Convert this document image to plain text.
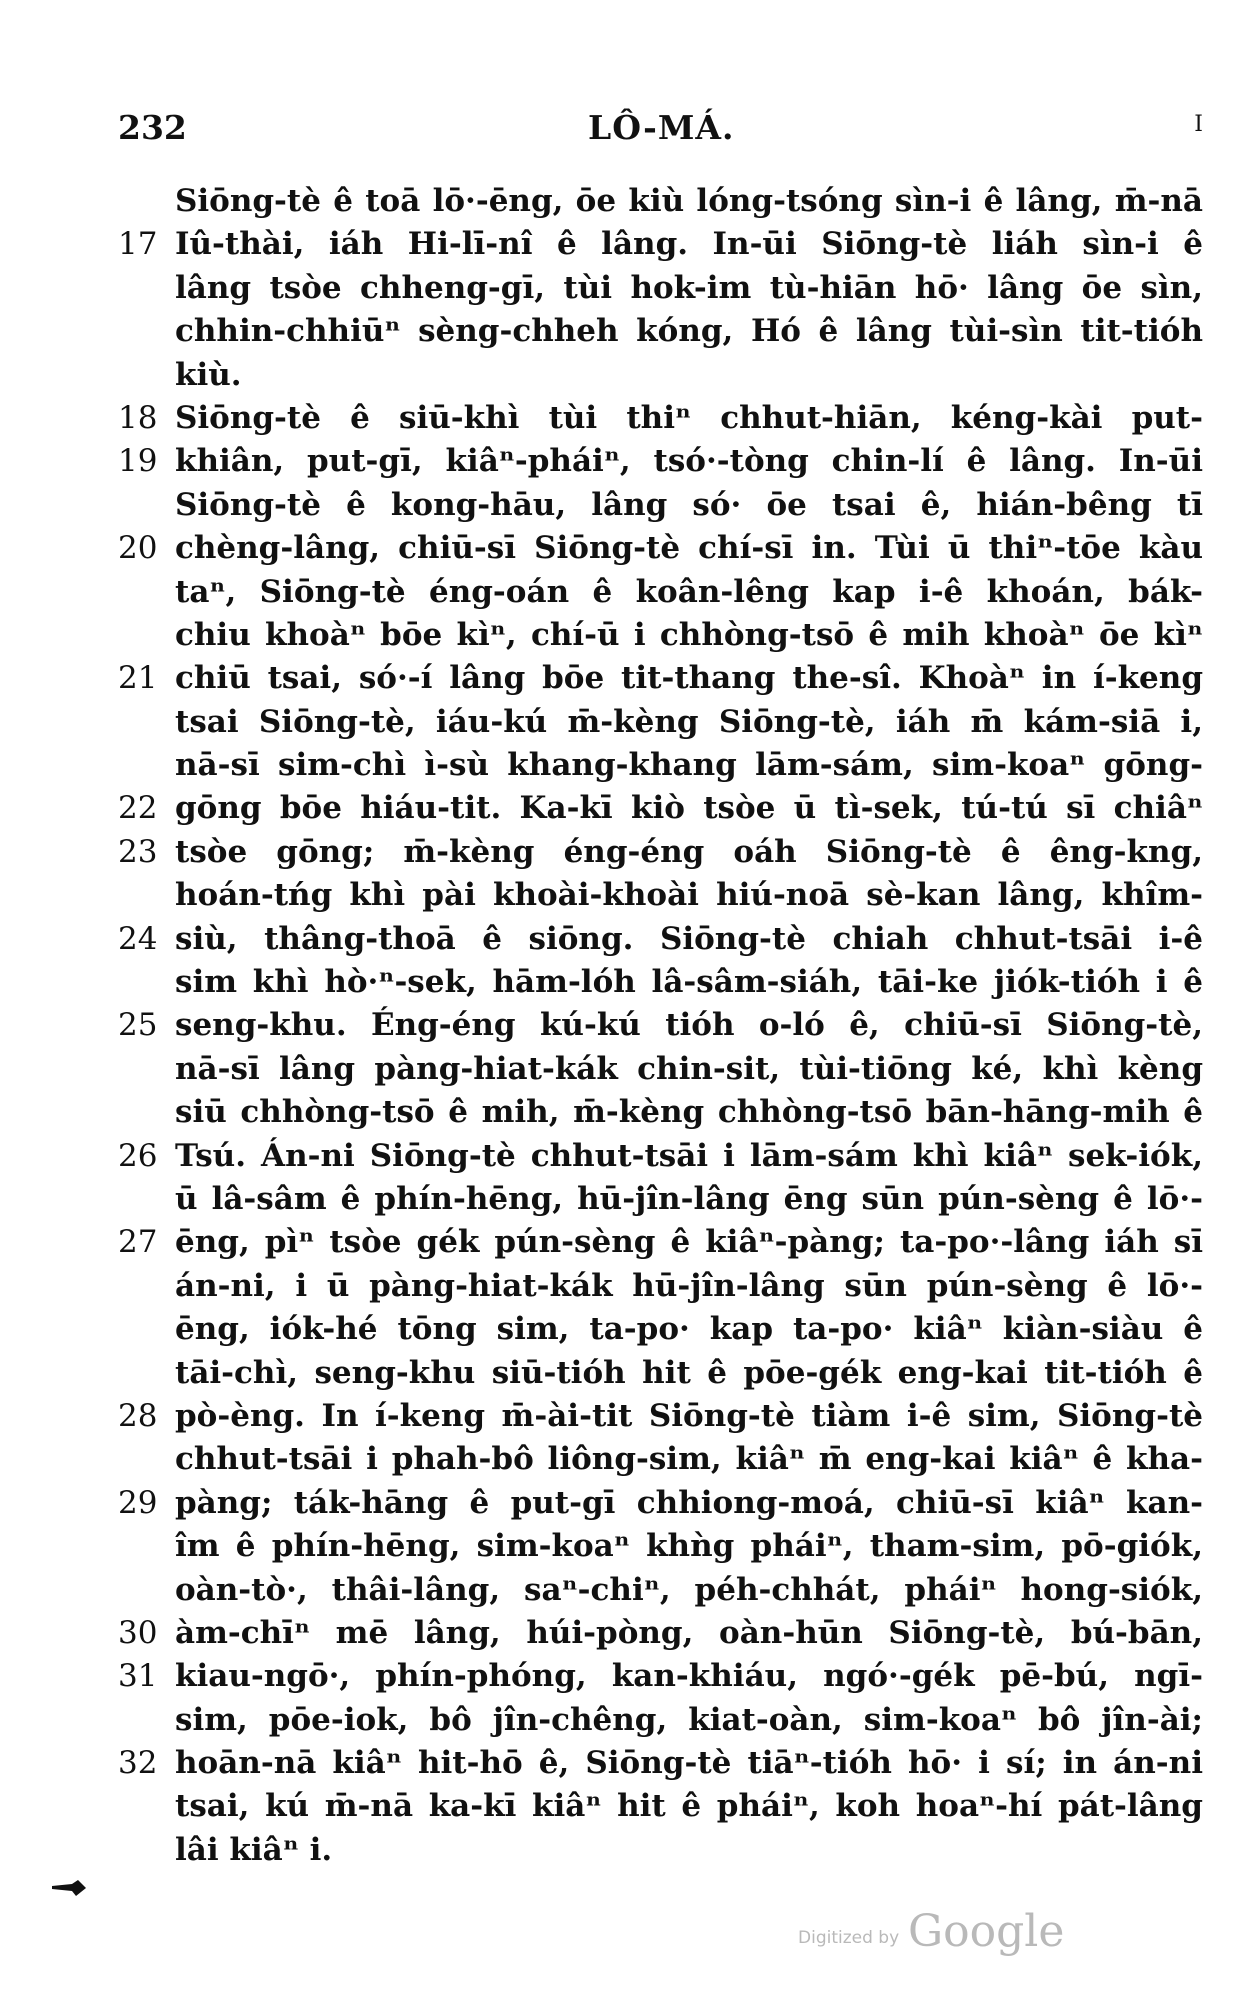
232	LÔ-MÁ.	I
Siōng-tè ê toā lō·-ēng, ōe kiù lóng-tsóng sìn-i ê lâng, m̄-nā
17 Iû-thài, iáh Hi-lī-nî ê lâng. In-ūi Siōng-tè liáh sìn-i ê
lâng tsòe chheng-gī, tùi hok-im tù-hiān hō· lâng ōe sìn,
chhin-chhiūⁿ sèng-chheh kóng, Hó ê lâng tùi-sìn tit-tióh
kiù.
18 Siōng-tè ê siū-khì tùi thiⁿ chhut-hiān, kéng-kài put-
19 khiân, put-gī, kiâⁿ-pháiⁿ, tsó·-tòng chin-lí ê lâng. In-ūi
Siōng-tè ê kong-hāu, lâng só· ōe tsai ê, hián-bêng tī
20 chèng-lâng, chiū-sī Siōng-tè chí-sī in. Tùi ū thiⁿ-tōe kàu
taⁿ, Siōng-tè éng-oán ê koân-lêng kap i-ê khoán, bák-
chiu khoàⁿ bōe kìⁿ, chí-ū i chhòng-tsō ê mih khoàⁿ ōe kìⁿ
21 chiū tsai, só·-í lâng bōe tit-thang the-sî. Khoàⁿ in í-keng
tsai Siōng-tè, iáu-kú m̄-kèng Siōng-tè, iáh m̄ kám-siā i,
nā-sī sim-chì ì-sù khang-khang lām-sám, sim-koaⁿ gōng-
22 gōng bōe hiáu-tit. Ka-kī kiò tsòe ū tì-sek, tú-tú sī chiâⁿ
23 tsòe gōng; m̄-kèng éng-éng oáh Siōng-tè ê êng-kng,
hoán-tńg khì pài khoài-khoài hiú-noā sè-kan lâng, khîm-
24 siù, thâng-thoā ê siōng. Siōng-tè chiah chhut-tsāi i-ê
sim khì hò·ⁿ-sek, hām-lóh lâ-sâm-siáh, tāi-ke jiók-tióh i ê
25 seng-khu. Éng-éng kú-kú tióh o-ló ê, chiū-sī Siōng-tè,
nā-sī lâng pàng-hiat-kák chin-sit, tùi-tiōng ké, khì kèng
siū chhòng-tsō ê mih, m̄-kèng chhòng-tsō bān-hāng-mih ê
26 Tsú. Án-ni Siōng-tè chhut-tsāi i lām-sám khì kiâⁿ sek-iók,
ū lâ-sâm ê phín-hēng, hū-jîn-lâng ēng sūn pún-sèng ê lō·-
27 ēng, pìⁿ tsòe gék pún-sèng ê kiâⁿ-pàng; ta-po·-lâng iáh sī
án-ni, i ū pàng-hiat-kák hū-jîn-lâng sūn pún-sèng ê lō·-
ēng, iók-hé tōng sim, ta-po· kap ta-po· kiâⁿ kiàn-siàu ê
tāi-chì, seng-khu siū-tióh hit ê pōe-gék eng-kai tit-tióh ê
28 pò-èng. In í-keng m̄-ài-tit Siōng-tè tiàm i-ê sim, Siōng-tè
chhut-tsāi i phah-bô liông-sim, kiâⁿ m̄ eng-kai kiâⁿ ê kha-
29 pàng; ták-hāng ê put-gī chhiong-moá, chiū-sī kiâⁿ kan-
îm ê phín-hēng, sim-koaⁿ khǹg pháiⁿ, tham-sim, pō-giók,
oàn-tò·, thâi-lâng, saⁿ-chiⁿ, péh-chhát, pháiⁿ hong-siók,
30 àm-chīⁿ mē lâng, húi-pòng, oàn-hūn Siōng-tè, bú-bān,
31 kiau-ngō·, phín-phóng, kan-khiáu, ngó·-gék pē-bú, ngī-
sim, pōe-iok, bô jîn-chêng, kiat-oàn, sim-koaⁿ bô jîn-ài;
32 hoān-nā kiâⁿ hit-hō ê, Siōng-tè tiāⁿ-tióh hō· i sí; in án-ni
tsai, kú m̄-nā ka-kī kiâⁿ hit ê pháiⁿ, koh hoaⁿ-hí pát-lâng
lâi kiâⁿ i.
Digitized by Google
